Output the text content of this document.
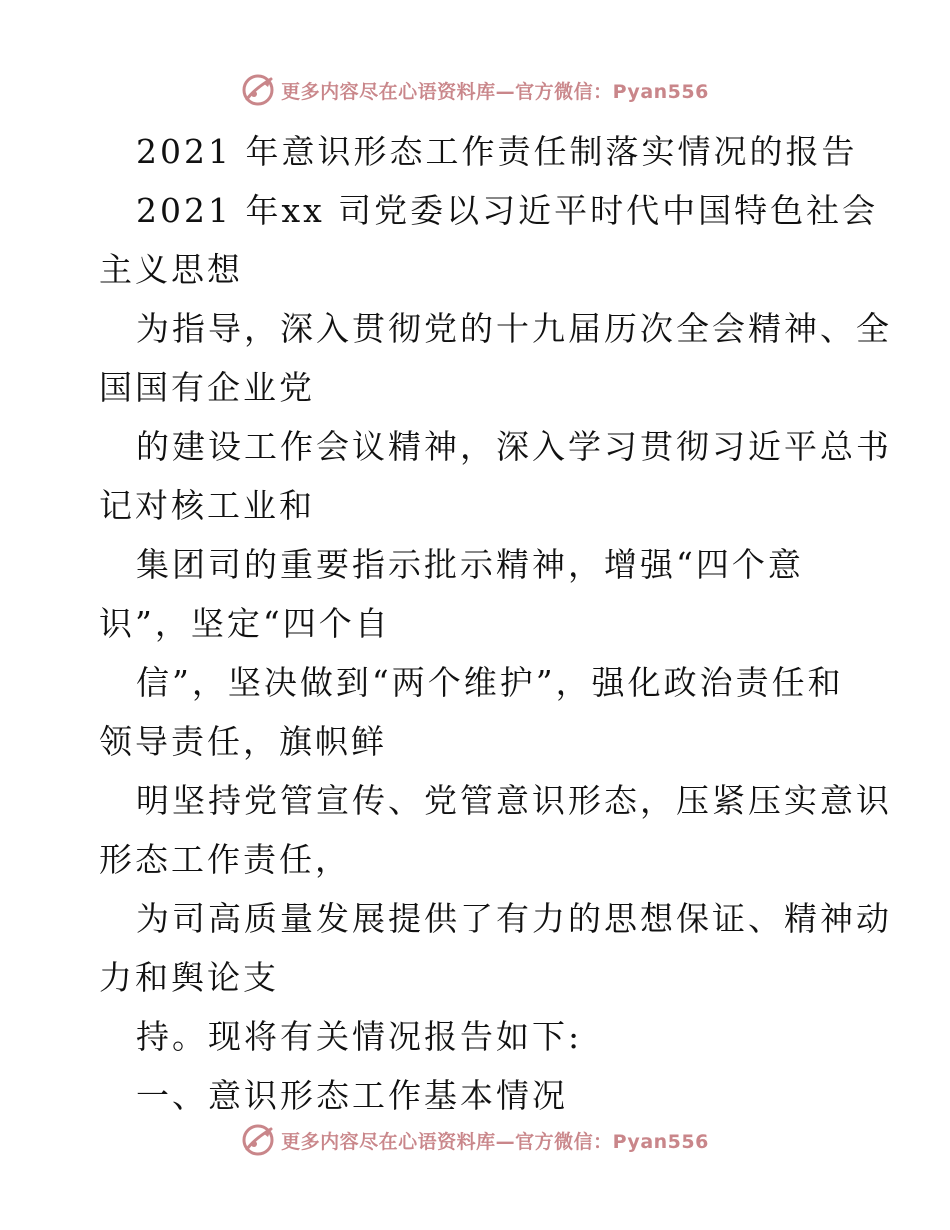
更多内容尽在心语资料库—官方微信：Pyan556
2021 年意识形态工作责任制落实情况的报告
2021 年xx 司党委以习近平时代中国特色社会
主义思想
为指导，深入贯彻党的十九届历次全会精神、全
国国有企业党
的建设工作会议精神，深入学习贯彻习近平总书
记对核工业和
集团司的重要指示批示精神，增强“四个意
识”，坚定“四个自
信”，坚决做到“两个维护”，强化政治责任和
领导责任，旗帜鲜
明坚持党管宣传、党管意识形态，压紧压实意识
形态工作责任，
为司高质量发展提供了有力的思想保证、精神动
力和舆论支
持。现将有关情况报告如下:
一、意识形态工作基本情况
更多内容尽在心语资料库—官方微信：Pyan556
